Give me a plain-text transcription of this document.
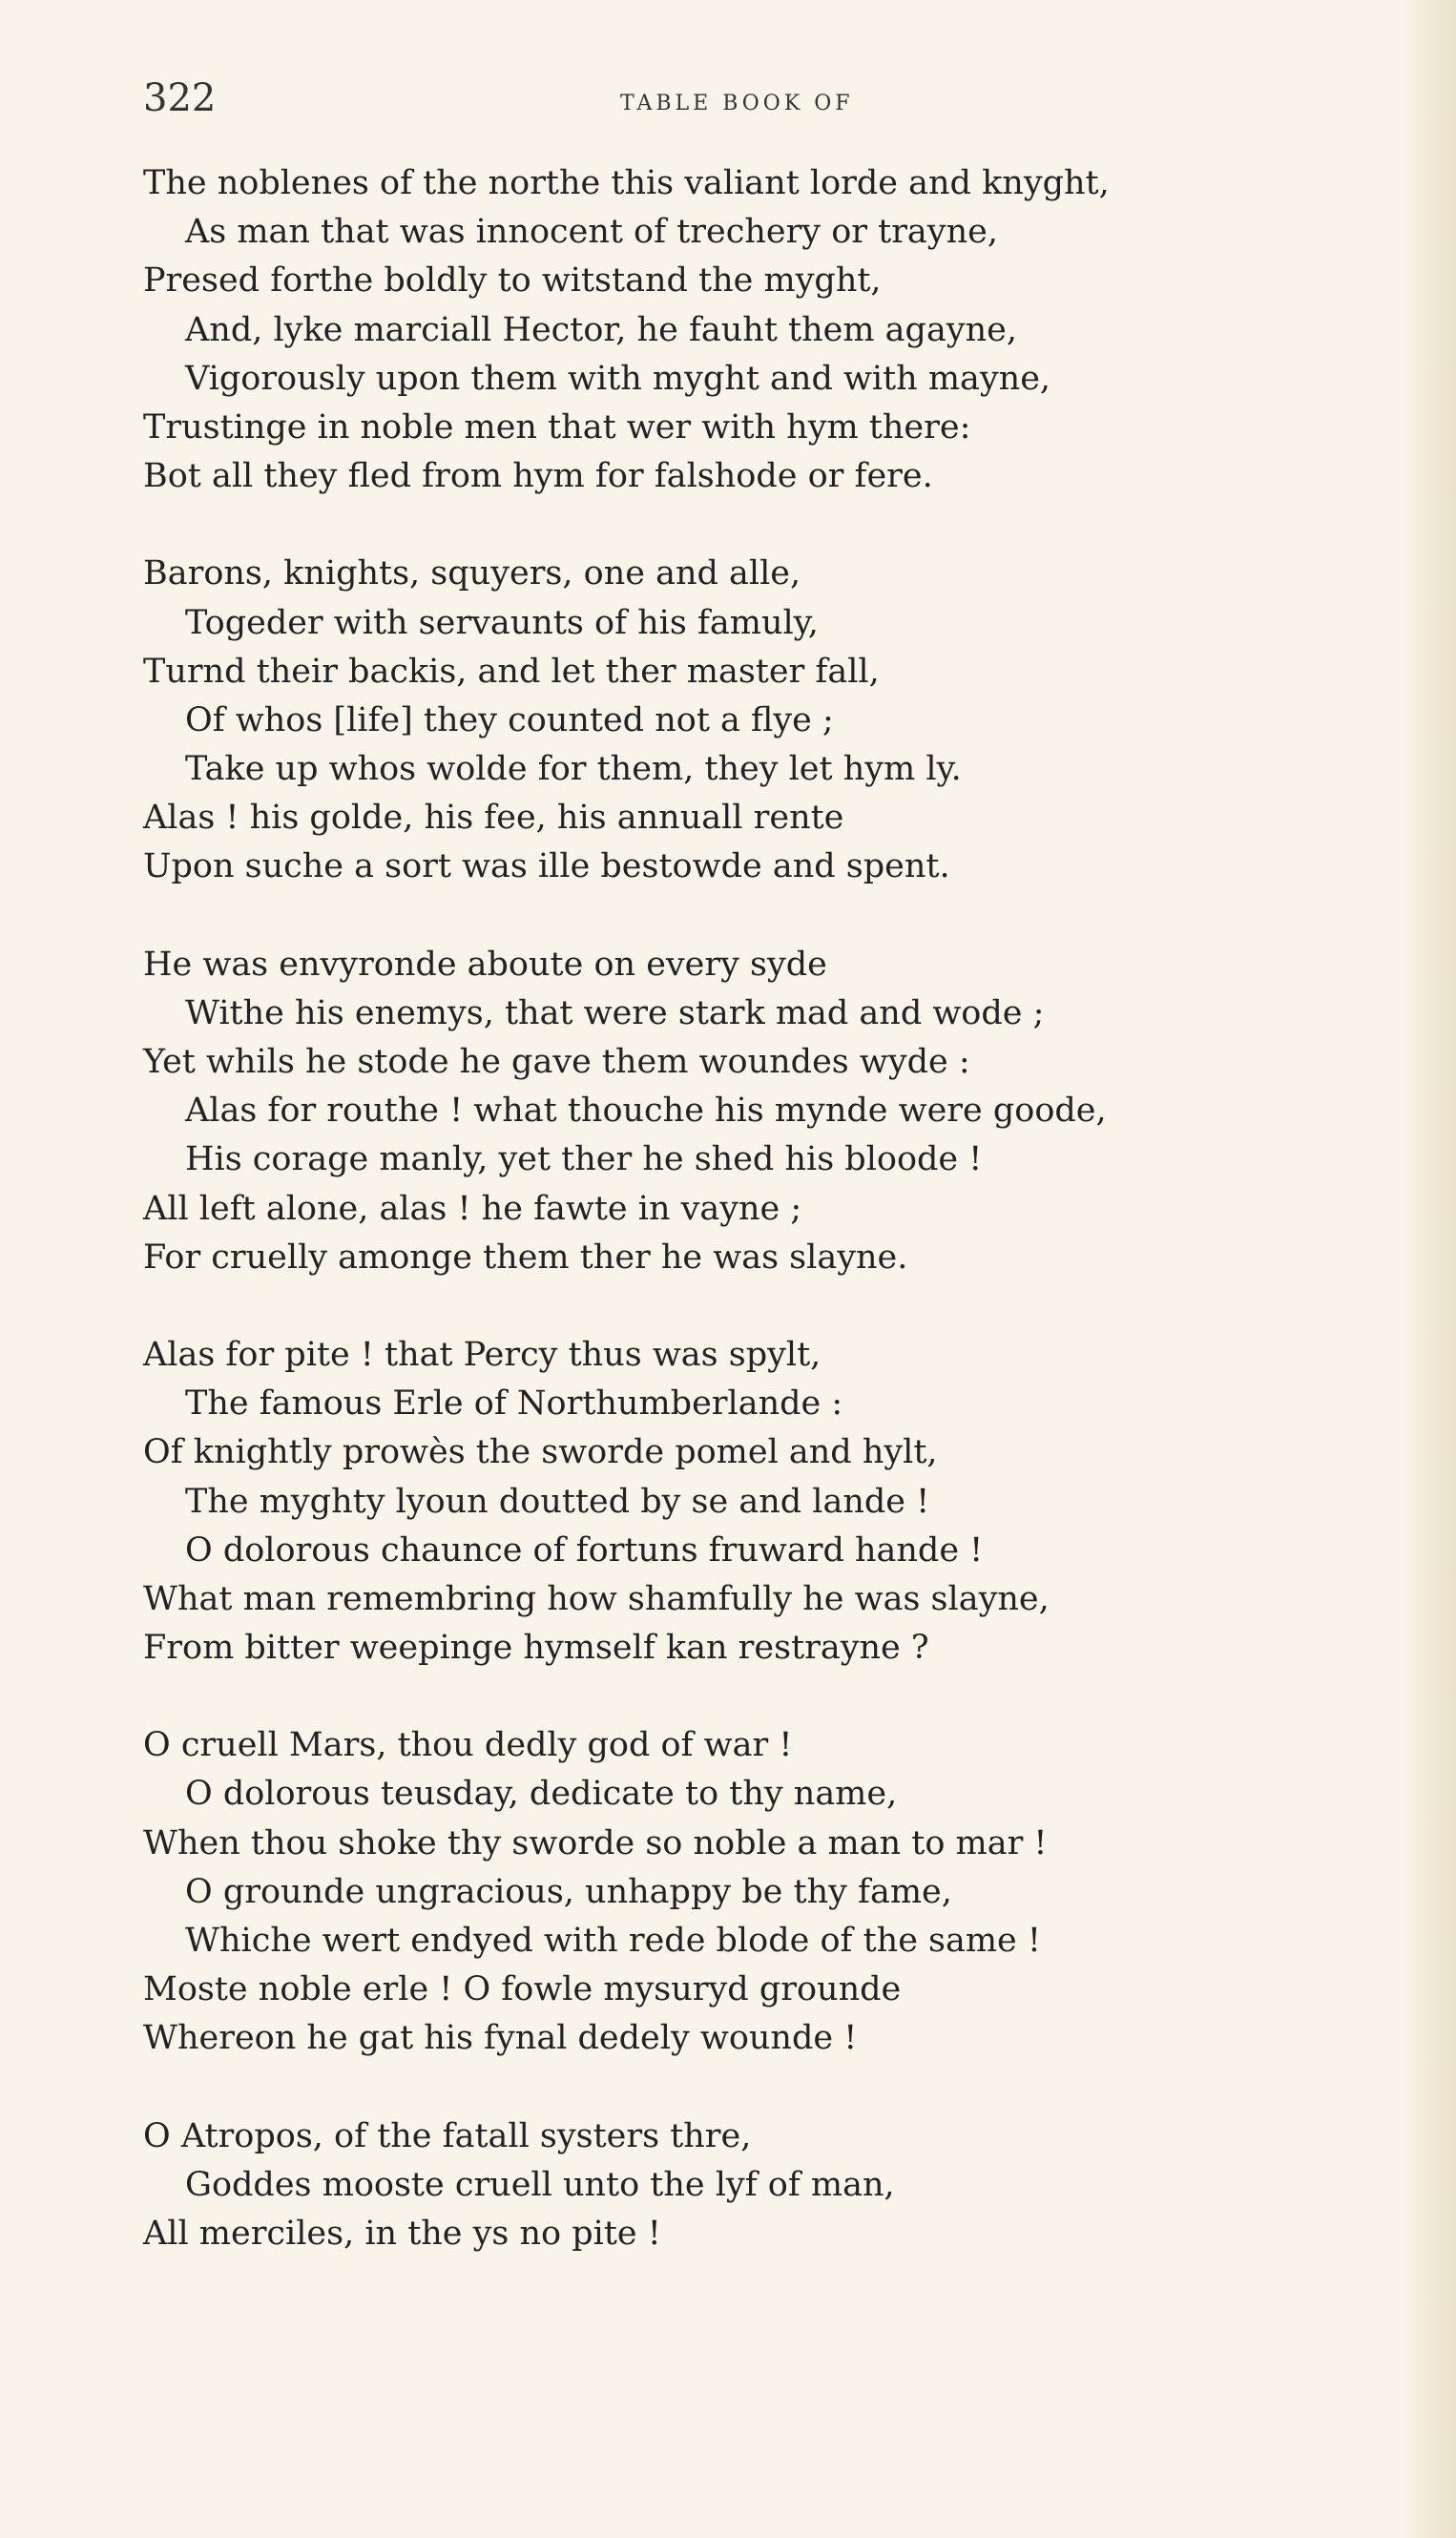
322	TABLE BOOK OF
The noblenes of the northe this valiant lorde and knyght,
As man that was innocent of trechery or trayne,
Presed forthe boldly to witstand the myght,
And, lyke marciall Hector, he fauht them agayne,
Vigorously upon them with myght and with mayne,
Trustinge in noble men that wer with hym there:
Bot all they fled from hym for falshode or fere.
Barons, knights, squyers, one and alle,
Togeder with servaunts of his famuly,
Turnd their backis, and let ther master fall,
Of whos [life] they counted not a flye ;
Take up whos wolde for them, they let hym ly.
Alas ! his golde, his fee, his annuall rente
Upon suche a sort was ille bestowde and spent.
He was envyronde aboute on every syde
Withe his enemys, that were stark mad and wode ;
Yet whils he stode he gave them woundes wyde :
Alas for routhe ! what thouche his mynde were goode,
His corage manly, yet ther he shed his bloode !
All left alone, alas ! he fawte in vayne ;
For cruelly amonge them ther he was slayne.
Alas for pite ! that Percy thus was spylt,
The famous Erle of Northumberlande :
Of knightly prowès the sworde pomel and hylt,
The myghty lyoun doutted by se and lande !
O dolorous chaunce of fortuns fruward hande !
What man remembring how shamfully he was slayne,
From bitter weepinge hymself kan restrayne ?
O cruell Mars, thou dedly god of war !
O dolorous teusday, dedicate to thy name,
When thou shoke thy sworde so noble a man to mar !
O grounde ungracious, unhappy be thy fame,
Whiche wert endyed with rede blode of the same !
Moste noble erle ! O fowle mysuryd grounde
Whereon he gat his fynal dedely wounde !
O Atropos, of the fatall systers thre,
Goddes mooste cruell unto the lyf of man,
All merciles, in the ys no pite !
